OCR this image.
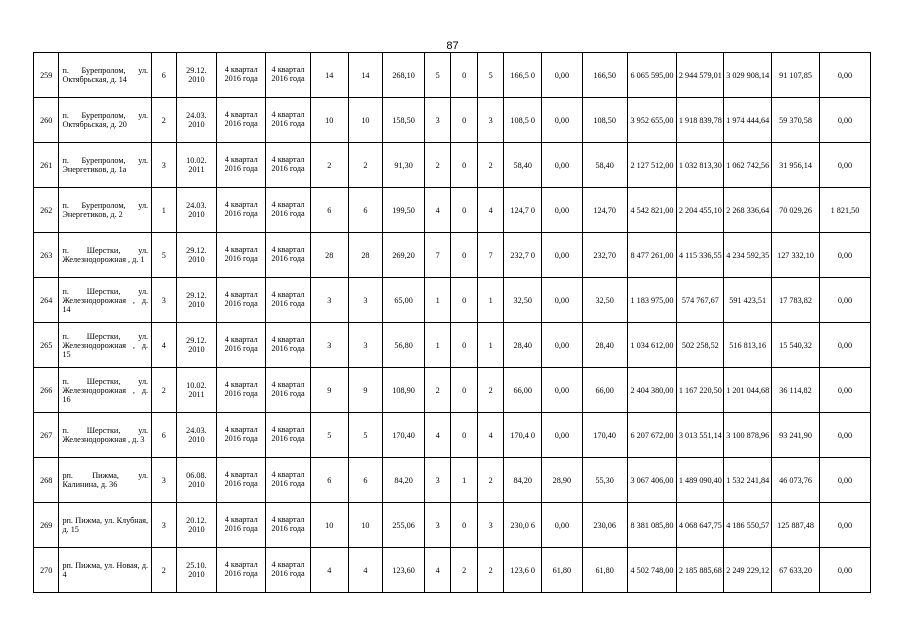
87
259	п. Бурепролом, ул. Октябрьская, д. 14	6	29.12. 2010	4 квартал 2016 года	4 квартал 2016 года	14	14	268,10	5	0	5	166,5 0	0,00	166,50	6 065 595,00	2 944 579,01	3 029 908,14	91 107,85	0,00
260	п. Бурепролом, ул. Октябрьская, д. 20	2	24.03. 2010	4 квартал 2016 года	4 квартал 2016 года	10	10	158,50	3	0	3	108,5 0	0,00	108,50	3 952 655,00	1 918 839,78	1 974 444,64	59 370,58	0,00
261	п. Бурепролом, ул. Энергетиков, д. 1а	3	10.02. 2011	4 квартал 2016 года	4 квартал 2016 года	2	2	91,30	2	0	2	58,40	0,00	58,40	2 127 512,00	1 032 813,30	1 062 742,56	31 956,14	0,00
262	п. Бурепролом, ул. Энергетиков, д. 2	1	24.03. 2010	4 квартал 2016 года	4 квартал 2016 года	6	6	199,50	4	0	4	124,7 0	0,00	124,70	4 542 821,00	2 204 455,10	2 268 336,64	70 029,26	1 821,50
263	п. Шерстки, ул. Железнодорожная , д. 1	5	29.12. 2010	4 квартал 2016 года	4 квартал 2016 года	28	28	269,20	7	0	7	232,7 0	0,00	232,70	8 477 261,00	4 115 336,55	4 234 592,35	127 332,10	0,00
264	п. Шерстки, ул. Железнодорожная , д. 14	3	29.12. 2010	4 квартал 2016 года	4 квартал 2016 года	3	3	65,00	1	0	1	32,50	0,00	32,50	1 183 975,00	574 767,67	591 423,51	17 783,82	0,00
265	п. Шерстки, ул. Железнодорожная , д. 15	4	29.12. 2010	4 квартал 2016 года	4 квартал 2016 года	3	3	56,80	1	0	1	28,40	0,00	28,40	1 034 612,00	502 258,52	516 813,16	15 540,32	0,00
266	п. Шерстки, ул. Железнодорожная , д. 16	2	10.02. 2011	4 квартал 2016 года	4 квартал 2016 года	9	9	108,90	2	0	2	66,00	0,00	66,00	2 404 380,00	1 167 220,50	1 201 044,68	36 114,82	0,00
267	п. Шерстки, ул. Железнодорожная , д. 3	6	24.03. 2010	4 квартал 2016 года	4 квартал 2016 года	5	5	170,40	4	0	4	170,4 0	0,00	170,40	6 207 672,00	3 013 551,14	3 100 878,96	93 241,90	0,00
268	рп. Пижма, ул. Калинина, д. 36	3	06.08. 2010	4 квартал 2016 года	4 квартал 2016 года	6	6	84,20	3	1	2	84,20	28,90	55,30	3 067 406,00	1 489 090,40	1 532 241,84	46 073,76	0,00
269	рп. Пижма, ул. Клубная, д. 15	3	20.12. 2010	4 квартал 2016 года	4 квартал 2016 года	10	10	255,06	3	0	3	230,0 6	0,00	230,06	8 381 085,80	4 068 647,75	4 186 550,57	125 887,48	0,00
270	рп. Пижма, ул. Новая, д. 4	2	25.10. 2010	4 квартал 2016 года	4 квартал 2016 года	4	4	123,60	4	2	2	123,6 0	61,80	61,80	4 502 748,00	2 185 885,68	2 249 229,12	67 633,20	0,00
